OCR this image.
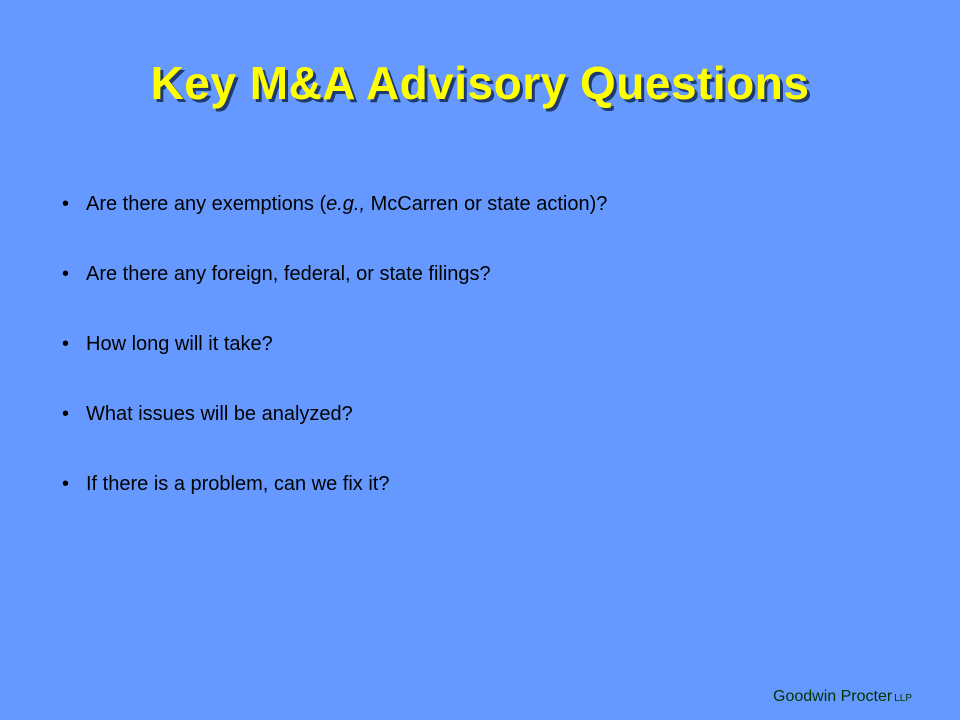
Key M&A Advisory Questions
• Are there any exemptions (e.g., McCarren or state action)?
• Are there any foreign, federal, or state filings?
• How long will it take?
• What issues will be analyzed?
• If there is a problem, can we fix it?
Goodwin Procter LLP
